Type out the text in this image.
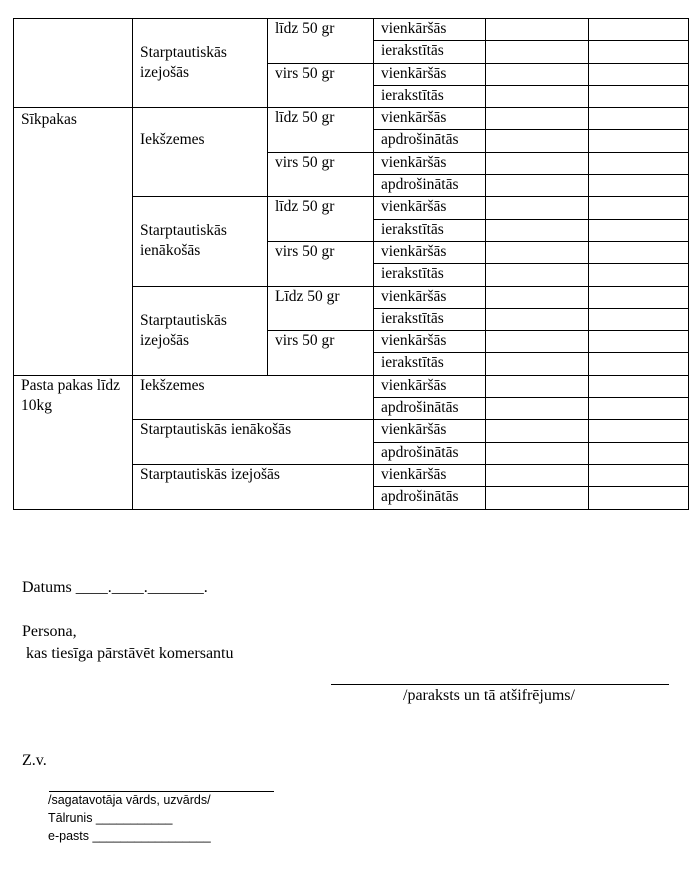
	Starptautiskās izejošās	līdz 50 gr	vienkāršās		
			ierakstītās		
		virs 50 gr	vienkāršās		
			ierakstītās		
Sīkpakas	Iekšzemes	līdz 50 gr	vienkāršās		
			apdrošinātās		
		virs 50 gr	vienkāršās		
			apdrošinātās		
	Starptautiskās ienākošās	līdz 50 gr	vienkāršās		
			ierakstītās		
		virs 50 gr	vienkāršās		
			ierakstītās		
	Starptautiskās izejošās	Līdz 50 gr	vienkāršās		
			ierakstītās		
		virs 50 gr	vienkāršās		
			ierakstītās		
Pasta pakas līdz 10kg	Iekšzemes		vienkāršās		
			apdrošinātās		
	Starptautiskās ienākošās		vienkāršās		
			apdrošinātās		
	Starptautiskās izejošās		vienkāršās		
			apdrošinātās		
Datums ____.____._______.
Persona,
kas tiesīga pārstāvēt komersantu
/paraksts un tā atšifrējums/
Z.v.
/sagatavotāja vārds, uzvārds/
Tālrunis ___________
e-pasts _________________
